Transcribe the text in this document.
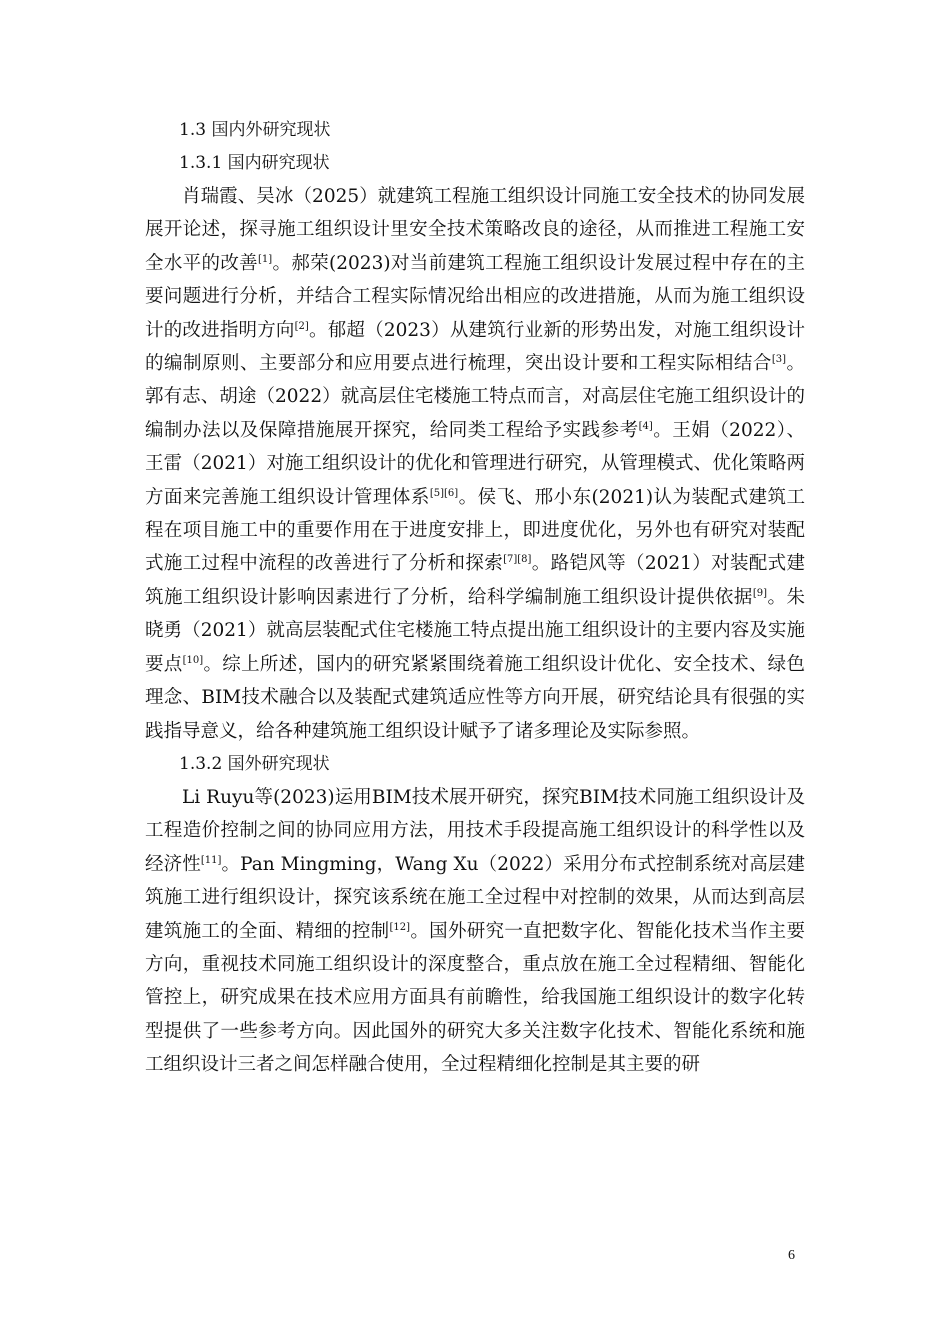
1.3 国内外研究现状
1.3.1 国内研究现状

肖瑞霞、吴冰（2025）就建筑工程施工组织设计同施工安全技术的协同发展展开论述，探寻施工组织设计里安全技术策略改良的途径，从而推进工程施工安全水平的改善[1]。郝荣(2023)对当前建筑工程施工组织设计发展过程中存在的主要问题进行分析，并结合工程实际情况给出相应的改进措施，从而为施工组织设计的改进指明方向[2]。郁超（2023）从建筑行业新的形势出发，对施工组织设计的编制原则、主要部分和应用要点进行梳理，突出设计要和工程实际相结合[3]。郭有志、胡途（2022）就高层住宅楼施工特点而言，对高层住宅施工组织设计的编制办法以及保障措施展开探究，给同类工程给予实践参考[4]。王娟（2022）、王雷（2021）对施工组织设计的优化和管理进行研究，从管理模式、优化策略两方面来完善施工组织设计管理体系[5][6]。侯飞、邢小东(2021)认为装配式建筑工程在项目施工中的重要作用在于进度安排上，即进度优化，另外也有研究对装配式施工过程中流程的改善进行了分析和探索[7][8]。路铠风等（2021）对装配式建筑施工组织设计影响因素进行了分析，给科学编制施工组织设计提供依据[9]。朱晓勇（2021）就高层装配式住宅楼施工特点提出施工组织设计的主要内容及实施要点[10]。综上所述，国内的研究紧紧围绕着施工组织设计优化、安全技术、绿色理念、BIM技术融合以及装配式建筑适应性等方向开展，研究结论具有很强的实践指导意义，给各种建筑施工组织设计赋予了诸多理论及实际参照。

1.3.2 国外研究现状

Li Ruyu等(2023)运用BIM技术展开研究，探究BIM技术同施工组织设计及工程造价控制之间的协同应用方法，用技术手段提高施工组织设计的科学性以及经济性[11]。Pan Mingming，Wang Xu（2022）采用分布式控制系统对高层建筑施工进行组织设计，探究该系统在施工全过程中对控制的效果，从而达到高层建筑施工的全面、精细的控制[12]。国外研究一直把数字化、智能化技术当作主要方向，重视技术同施工组织设计的深度整合，重点放在施工全过程精细、智能化管控上，研究成果在技术应用方面具有前瞻性，给我国施工组织设计的数字化转型提供了一些参考方向。因此国外的研究大多关注数字化技术、智能化系统和施工组织设计三者之间怎样融合使用，全过程精细化控制是其主要的研

6
